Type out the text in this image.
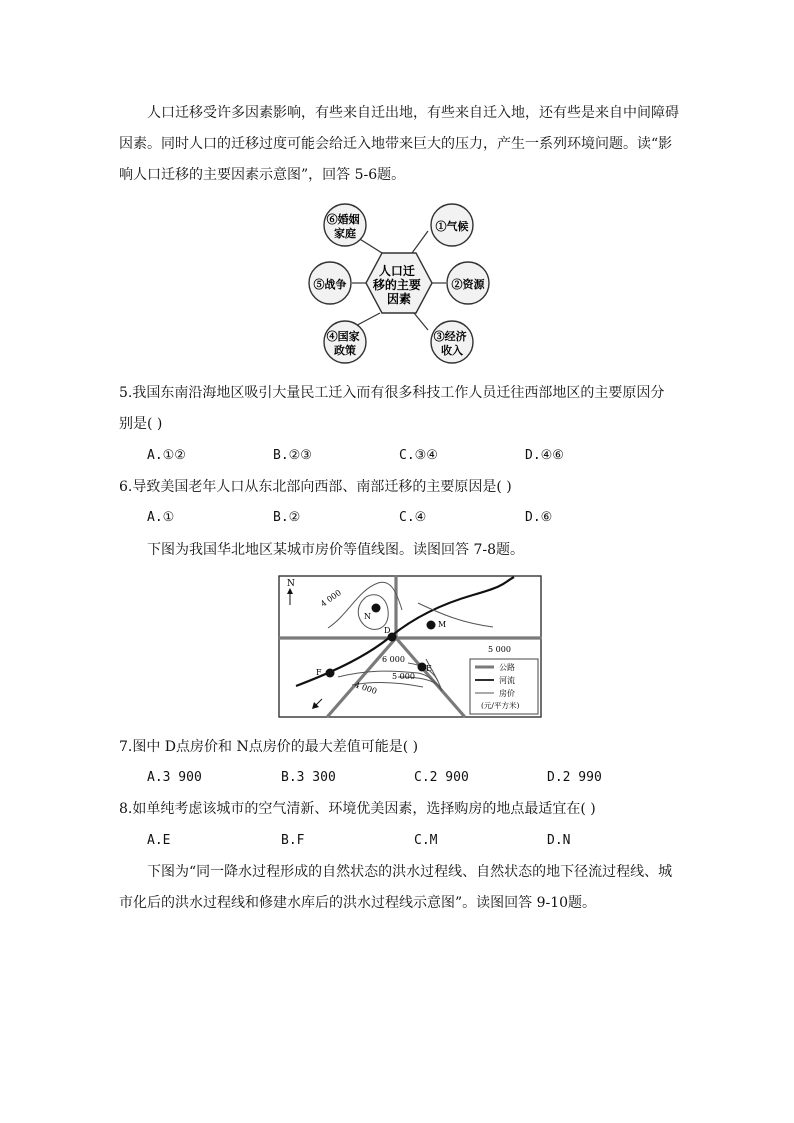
人口迁移受许多因素影响，有些来自迁出地，有些来自迁入地，还有些是来自中间障碍因素。同时人口的迁移过度可能会给迁入地带来巨大的压力，产生一系列环境问题。读“影响人口迁移的主要因素示意图”，回答 5-6题。

人口迁 移的主要 因素
⑥婚姻 家庭
①气候
⑤战争	②资源
④国家 政策
③经济 收入
5.我国东南沿海地区吸引大量民工迁入而有很多科技工作人员迁往西部地区的主要原因分
别是( )
A.①②	B.②③	C.③④	D.④⑥
6.导致美国老年人口从东北部向西部、南部迁移的主要原因是( )
A.①	B.②	C.④	D.⑥
下图为我国华北地区某城市房价等值线图。读图回答 7-8题。
N
4 000
6 000
5 000
4 000
5 000
N
D
M
E
F
公路
河流
房价
(元/平方米)
7.图中 D点房价和 N点房价的最大差值可能是( )
A.3 900	B.3 300	C.2 900	D.2 990
8.如单纯考虑该城市的空气清新、环境优美因素，选择购房的地点最适宜在( )
A.E	B.F	C.M	D.N

下图为“同一降水过程形成的自然状态的洪水过程线、自然状态的地下径流过程线、城市化后的洪水过程线和修建水库后的洪水过程线示意图”。读图回答 9-10题。
